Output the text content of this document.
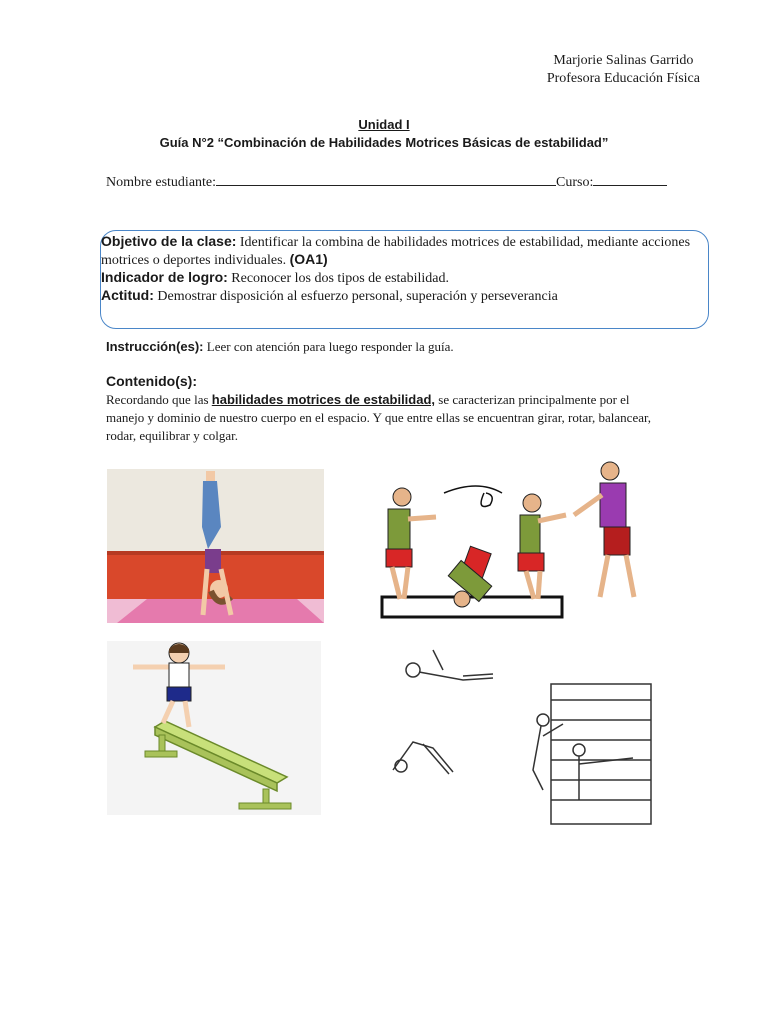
Marjorie Salinas Garrido
Profesora Educación Física
Unidad I
Guía N°2 “Combinación de Habilidades Motrices Básicas de estabilidad”
Nombre estudiante:	Curso:
Objetivo de la clase: Identificar la combina de habilidades motrices de estabilidad, mediante acciones motrices o deportes individuales. (OA1)
Indicador de logro: Reconocer los dos tipos de estabilidad.
Actitud: Demostrar disposición al esfuerzo personal, superación y perseverancia
Instrucción(es): Leer con atención para luego responder la guía.
Contenido(s):
Recordando que las habilidades motrices de estabilidad, se caracterizan principalmente por el manejo y dominio de nuestro cuerpo en el espacio. Y que entre ellas se encuentran girar, rotar, balancear, rodar, equilibrar y colgar.
